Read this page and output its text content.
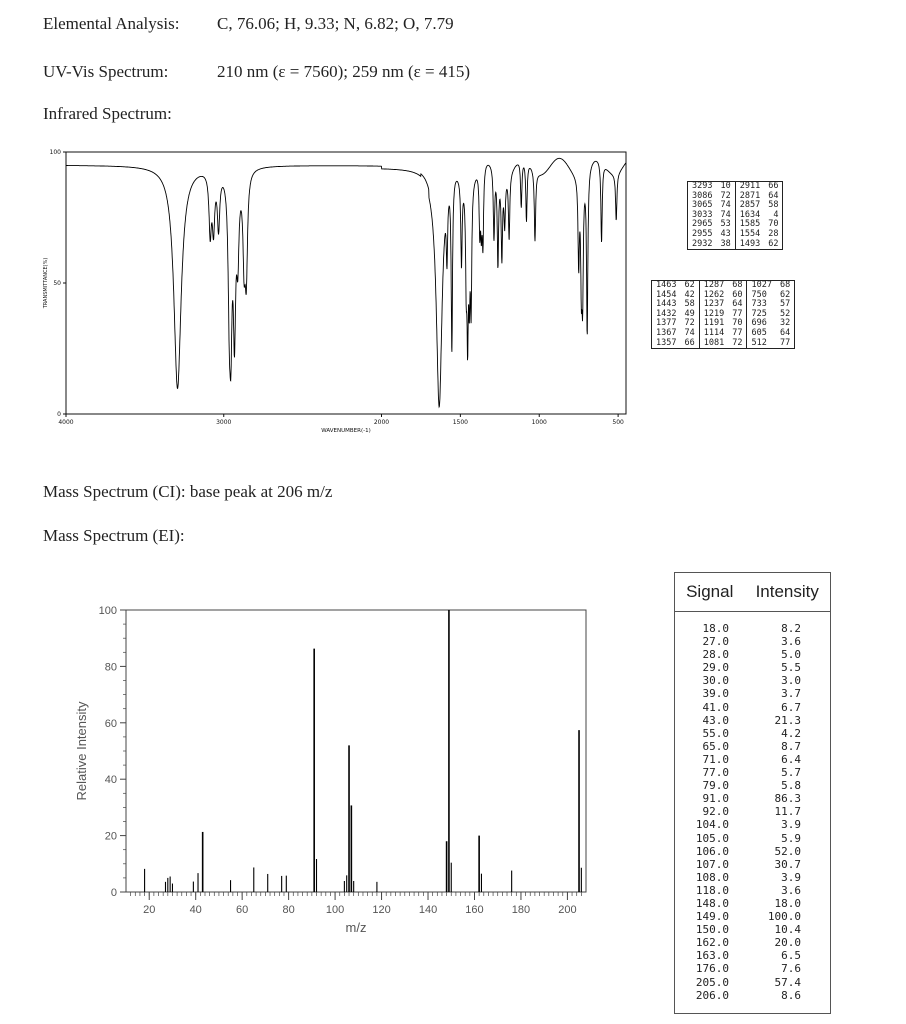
Elemental Analysis: C, 76.06; H, 9.33; N, 6.82; O, 7.79
UV-Vis Spectrum:	210 nm (ε = 7560); 259 nm (ε = 415)
Infrared Spectrum:
4000	3000	2000	1500	1000	500
0
50
100
WAVENUMBER(-1)
TRANSMITTANCE(%)
3293	10	2911	66
3086	72	2871	64
3065	74	2857	58
3033	74	1634	4
2965	53	1585	70
2955	43	1554	28
2932	38	1493	62
1463	62	1287	68	1027	68
1454	42	1262	60	750	62
1443	58	1237	64	733	57
1432	49	1219	77	725	52
1377	72	1191	70	696	32
1367	74	1114	77	605	64
1357	66	1081	72	512	77
Mass Spectrum (CI): base peak at 206 m/z
Mass Spectrum (EI):
20	40	60	80	100	120	140	160	180	200
0
20
40
60
80
100
m/z
Relative Intensity
Signal Intensity
18.0	8.2
27.0	3.6
28.0	5.0
29.0	5.5
30.0	3.0
39.0	3.7
41.0	6.7
43.0	21.3
55.0	4.2
65.0	8.7
71.0	6.4
77.0	5.7
79.0	5.8
91.0	86.3
92.0	11.7
104.0	3.9
105.0	5.9
106.0	52.0
107.0	30.7
108.0	3.9
118.0	3.6
148.0	18.0
149.0	100.0
150.0	10.4
162.0	20.0
163.0	6.5
176.0	7.6
205.0	57.4
206.0	8.6
